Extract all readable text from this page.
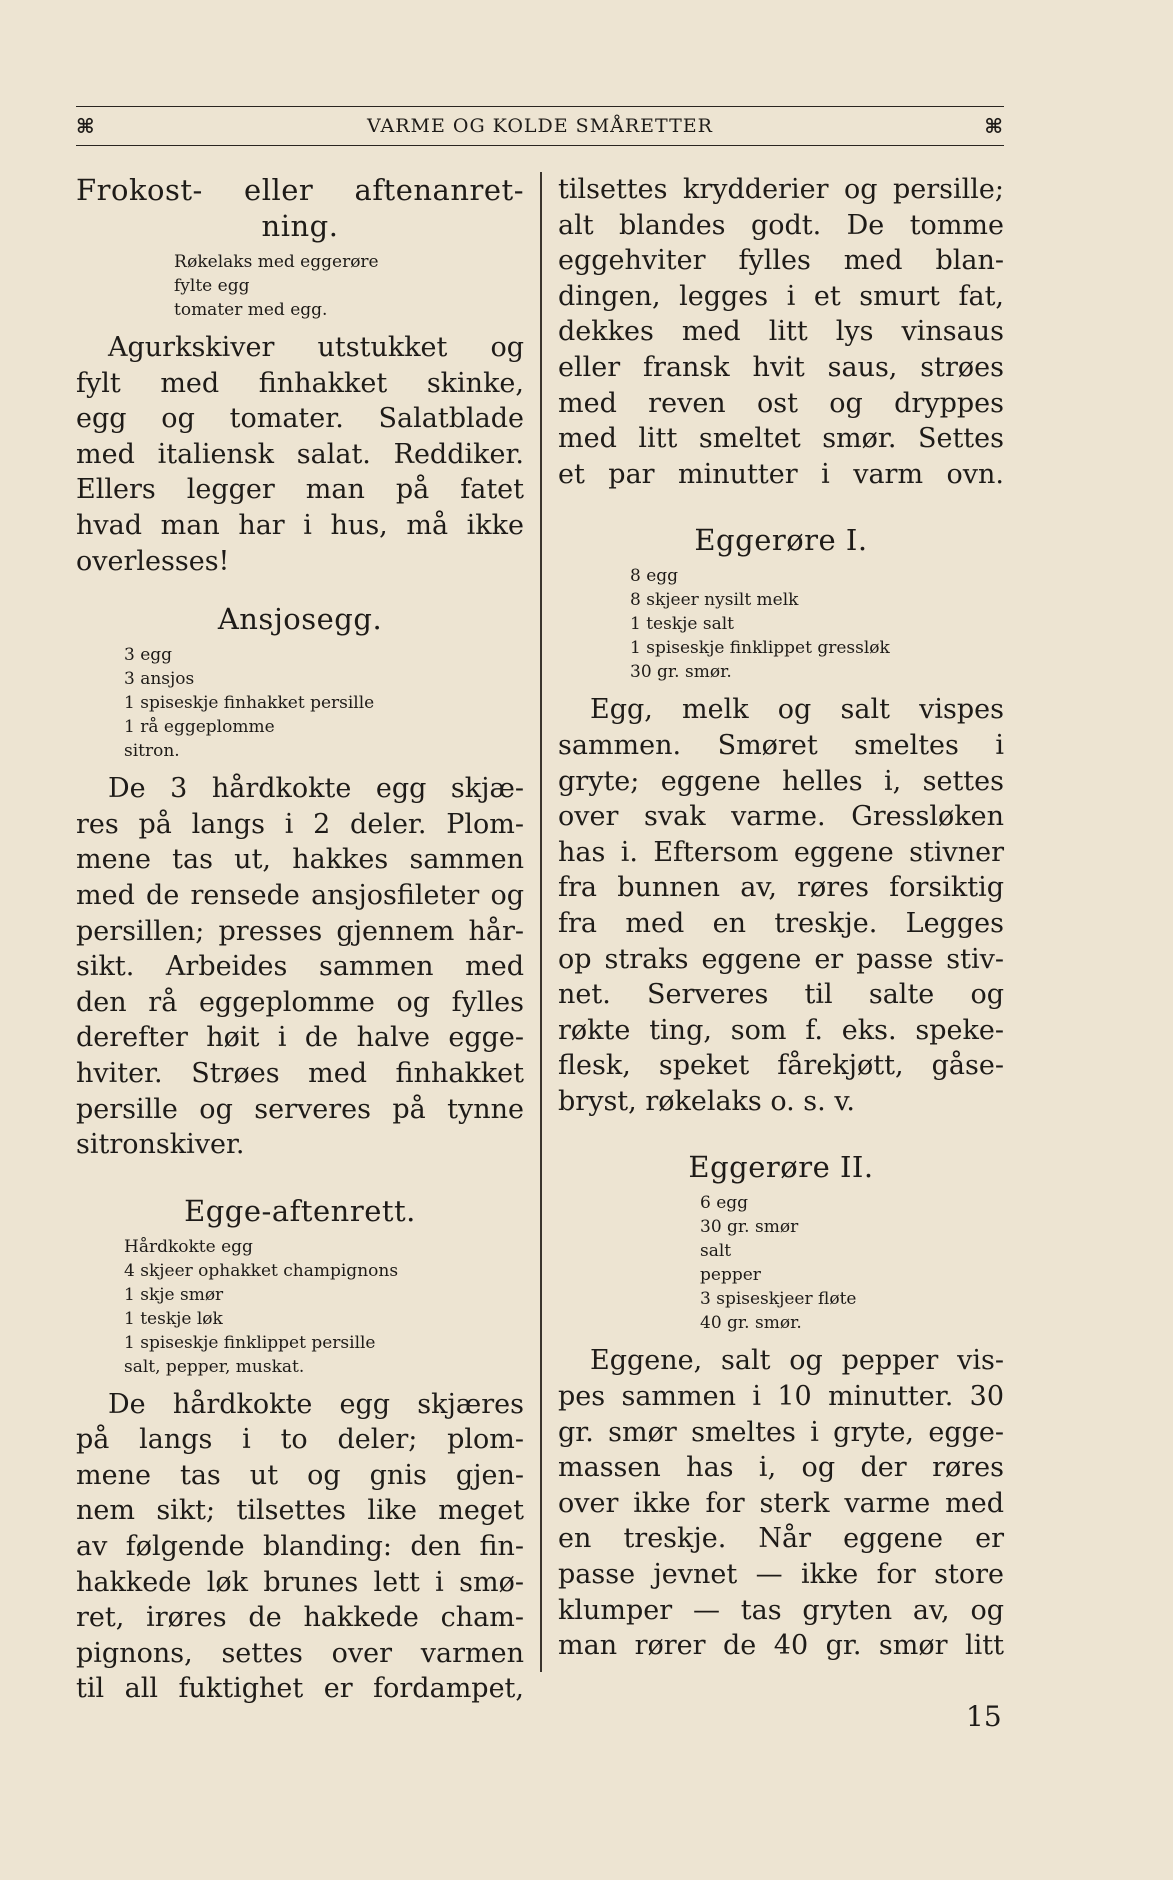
⌘	VARME OG KOLDE SMÅRETTER	⌘
Frokost- eller aftenanret-
ning.
Røkelaks med eggerøre
fylte egg
tomater med egg.

Agurkskiver utstukket og
fylt med finhakket skinke,
egg og tomater. Salatblade
med italiensk salat. Reddiker.
Ellers legger man på fatet
hvad man har i hus, må ikke
overlesses!

Ansjosegg.
3 egg
3 ansjos
1 spiseskje finhakket persille
1 rå eggeplomme
sitron.

De 3 hårdkokte egg skjæ-
res på langs i 2 deler. Plom-
mene tas ut, hakkes sammen
med de rensede ansjosfileter og
persillen; presses gjennem hår-
sikt. Arbeides sammen med
den rå eggeplomme og fylles
derefter høit i de halve egge-
hviter. Strøes med finhakket
persille og serveres på tynne
sitronskiver.

Egge-aftenrett.
Hårdkokte egg
4 skjeer ophakket champignons
1 skje smør
1 teskje løk
1 spiseskje finklippet persille
salt, pepper, muskat.

De hårdkokte egg skjæres
på langs i to deler; plom-
mene tas ut og gnis gjen-
nem sikt; tilsettes like meget
av følgende blanding: den fin-
hakkede løk brunes lett i smø-
ret, irøres de hakkede cham-
pignons, settes over varmen
til all fuktighet er fordampet,

tilsettes krydderier og persille;
alt blandes godt. De tomme
eggehviter fylles med blan-
dingen, legges i et smurt fat,
dekkes med litt lys vinsaus
eller fransk hvit saus, strøes
med reven ost og dryppes
med litt smeltet smør. Settes
et par minutter i varm ovn.

Eggerøre I.
8 egg
8 skjeer nysilt melk
1 teskje salt
1 spiseskje finklippet gressløk
30 gr. smør.

Egg, melk og salt vispes
sammen. Smøret smeltes i
gryte; eggene helles i, settes
over svak varme. Gressløken
has i. Eftersom eggene stivner
fra bunnen av, røres forsiktig
fra med en treskje. Legges
op straks eggene er passe stiv-
net. Serveres til salte og
røkte ting, som f. eks. speke-
flesk, speket fårekjøtt, gåse-
bryst, røkelaks o. s. v.

Eggerøre II.
6 egg
30 gr. smør
salt
pepper
3 spiseskjeer fløte
40 gr. smør.

Eggene, salt og pepper vis-
pes sammen i 10 minutter. 30
gr. smør smeltes i gryte, egge-
massen has i, og der røres
over ikke for sterk varme med
en treskje. Når eggene er
passe jevnet — ikke for store
klumper — tas gryten av, og
man rører de 40 gr. smør litt

15
